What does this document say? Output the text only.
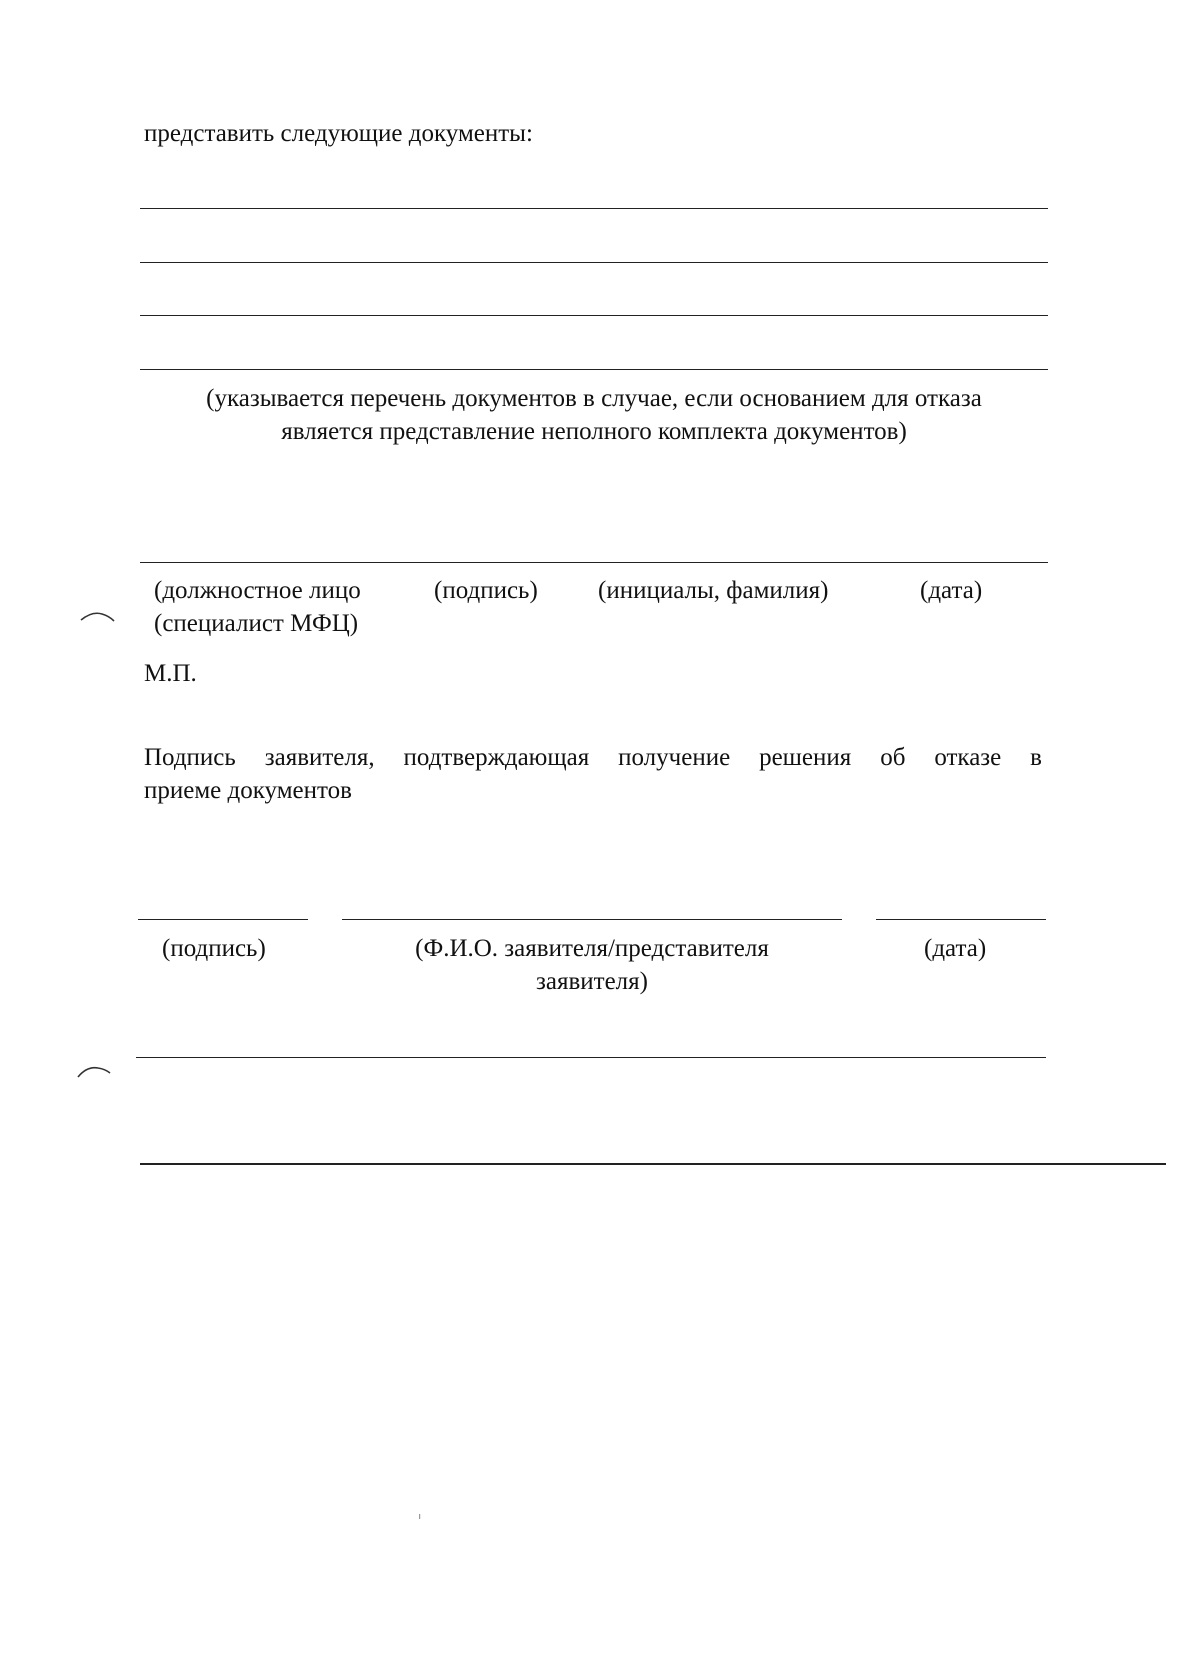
представить следующие документы:
(указывается перечень документов в случае, если основанием для отказа
является представление неполного комплекта документов)
(должностное лицо
(специалист МФЦ)
(подпись) (инициалы, фамилия)	(дата)
М.П.
Подпись заявителя, подтверждающая получение решения об отказе в
приеме документов
(подпись)	(Ф.И.О. заявителя/представителя
заявителя)
(дата)
